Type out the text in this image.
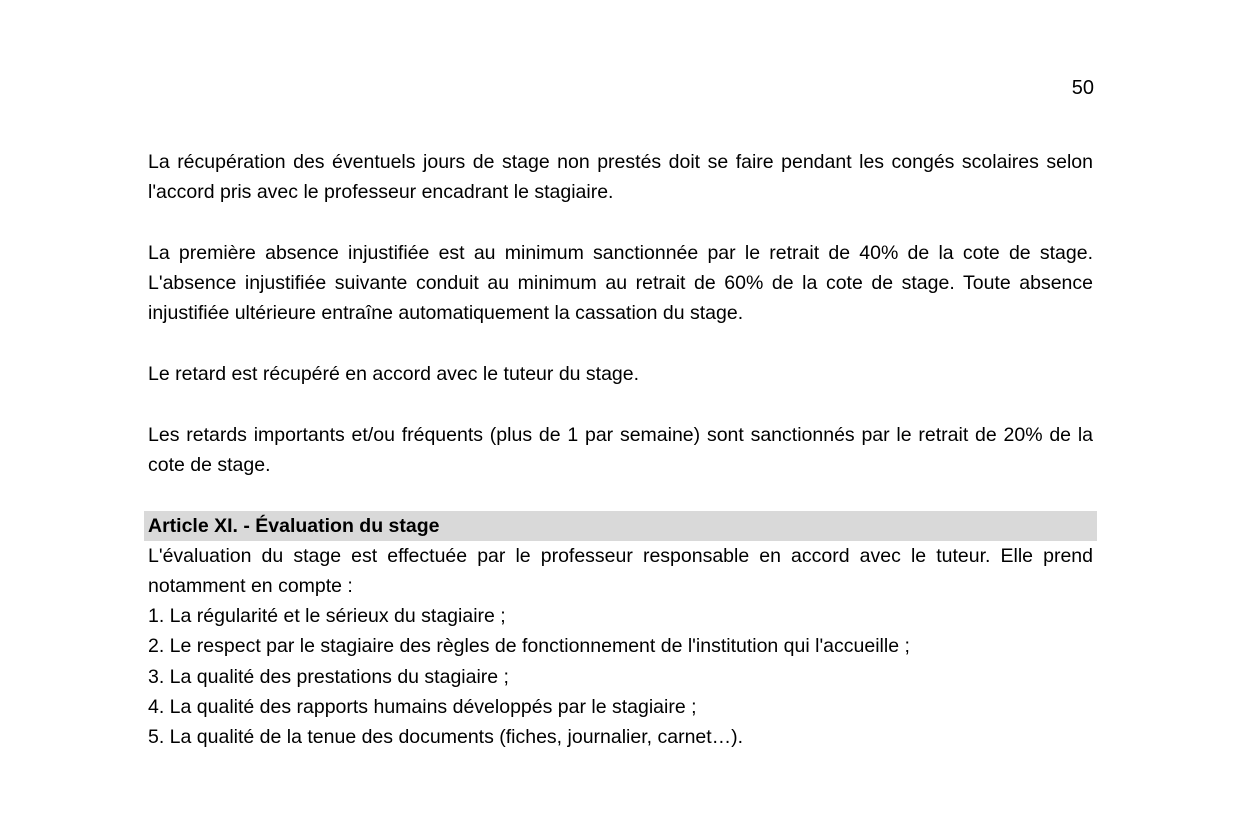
50

La récupération des éventuels jours de stage non prestés doit se faire pendant les congés scolaires selon l'accord pris avec le professeur encadrant le stagiaire.

La première absence injustifiée est au minimum sanctionnée par le retrait de 40% de la cote de stage. L'absence injustifiée suivante conduit au minimum au retrait de 60% de la cote de stage. Toute absence injustifiée ultérieure entraîne automatiquement la cassation du stage.

Le retard est récupéré en accord avec le tuteur du stage.

Les retards importants et/ou fréquents (plus de 1 par semaine) sont sanctionnés par le retrait de 20% de la cote de stage.

Article XI. - Évaluation du stage

L'évaluation du stage est effectuée par le professeur responsable en accord avec le tuteur. Elle prend notamment en compte :

1. La régularité et le sérieux du stagiaire ;
2. Le respect par le stagiaire des règles de fonctionnement de l'institution qui l'accueille ;
3. La qualité des prestations du stagiaire ;
4. La qualité des rapports humains développés par le stagiaire ;
5. La qualité de la tenue des documents (fiches, journalier, carnet…).
